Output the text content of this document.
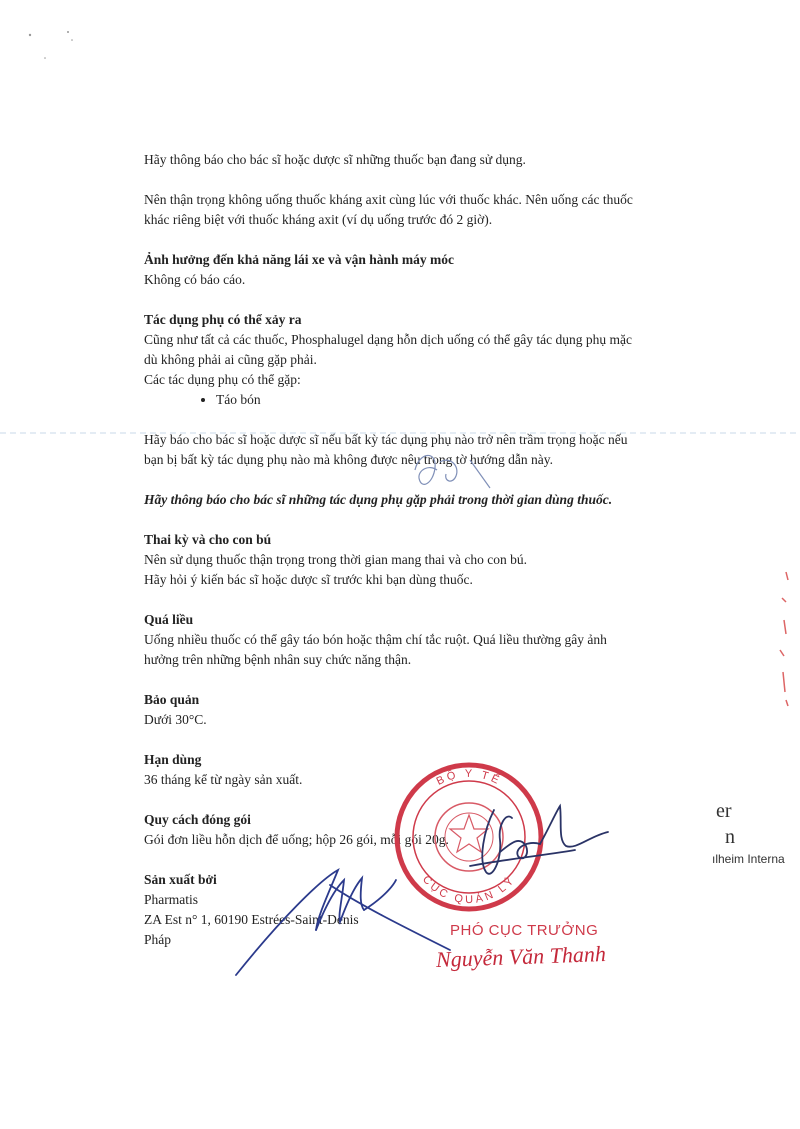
Hãy thông báo cho bác sĩ hoặc dược sĩ những thuốc bạn đang sử dụng.

Nên thận trọng không uống thuốc kháng axit cùng lúc với thuốc khác. Nên uống các thuốc

khác riêng biệt với thuốc kháng axit (ví dụ uống trước đó 2 giờ).

Ảnh hưởng đến khả năng lái xe và vận hành máy móc

Không có báo cáo.

Tác dụng phụ có thể xảy ra

Cũng như tất cả các thuốc, Phosphalugel dạng hỗn dịch uống có thể gây tác dụng phụ mặc

dù không phải ai cũng gặp phải.

Các tác dụng phụ có thể gặp:

• Táo bón

Hãy báo cho bác sĩ hoặc dược sĩ nếu bất kỳ tác dụng phụ nào trở nên trầm trọng hoặc nếu

bạn bị bất kỳ tác dụng phụ nào mà không được nêu trong tờ hướng dẫn này.

Hãy thông báo cho bác sĩ những tác dụng phụ gặp phải trong thời gian dùng thuốc.

Thai kỳ và cho con bú

Nên sử dụng thuốc thận trọng trong thời gian mang thai và cho con bú.

Hãy hỏi ý kiến bác sĩ hoặc dược sĩ trước khi bạn dùng thuốc.

Quá liều

Uống nhiều thuốc có thể gây táo bón hoặc thậm chí tắc ruột. Quá liều thường gây ảnh

hưởng trên những bệnh nhân suy chức năng thận.

Bảo quản

Dưới 30°C.

Hạn dùng

36 tháng kể từ ngày sản xuất.

Quy cách đóng gói

Gói đơn liều hỗn dịch để uống; hộp 26 gói, mỗi gói 20g.

Sản xuất bởi

Pharmatis

ZA Est n° 1, 60190 Estrées-Saint-Denis

Pháp

er
n
ılheim Interna
BỘ Y TẾ
CỤC QUẢN LÝ
PHÓ CỤC TRƯỞNG
Nguyễn Văn Thanh
